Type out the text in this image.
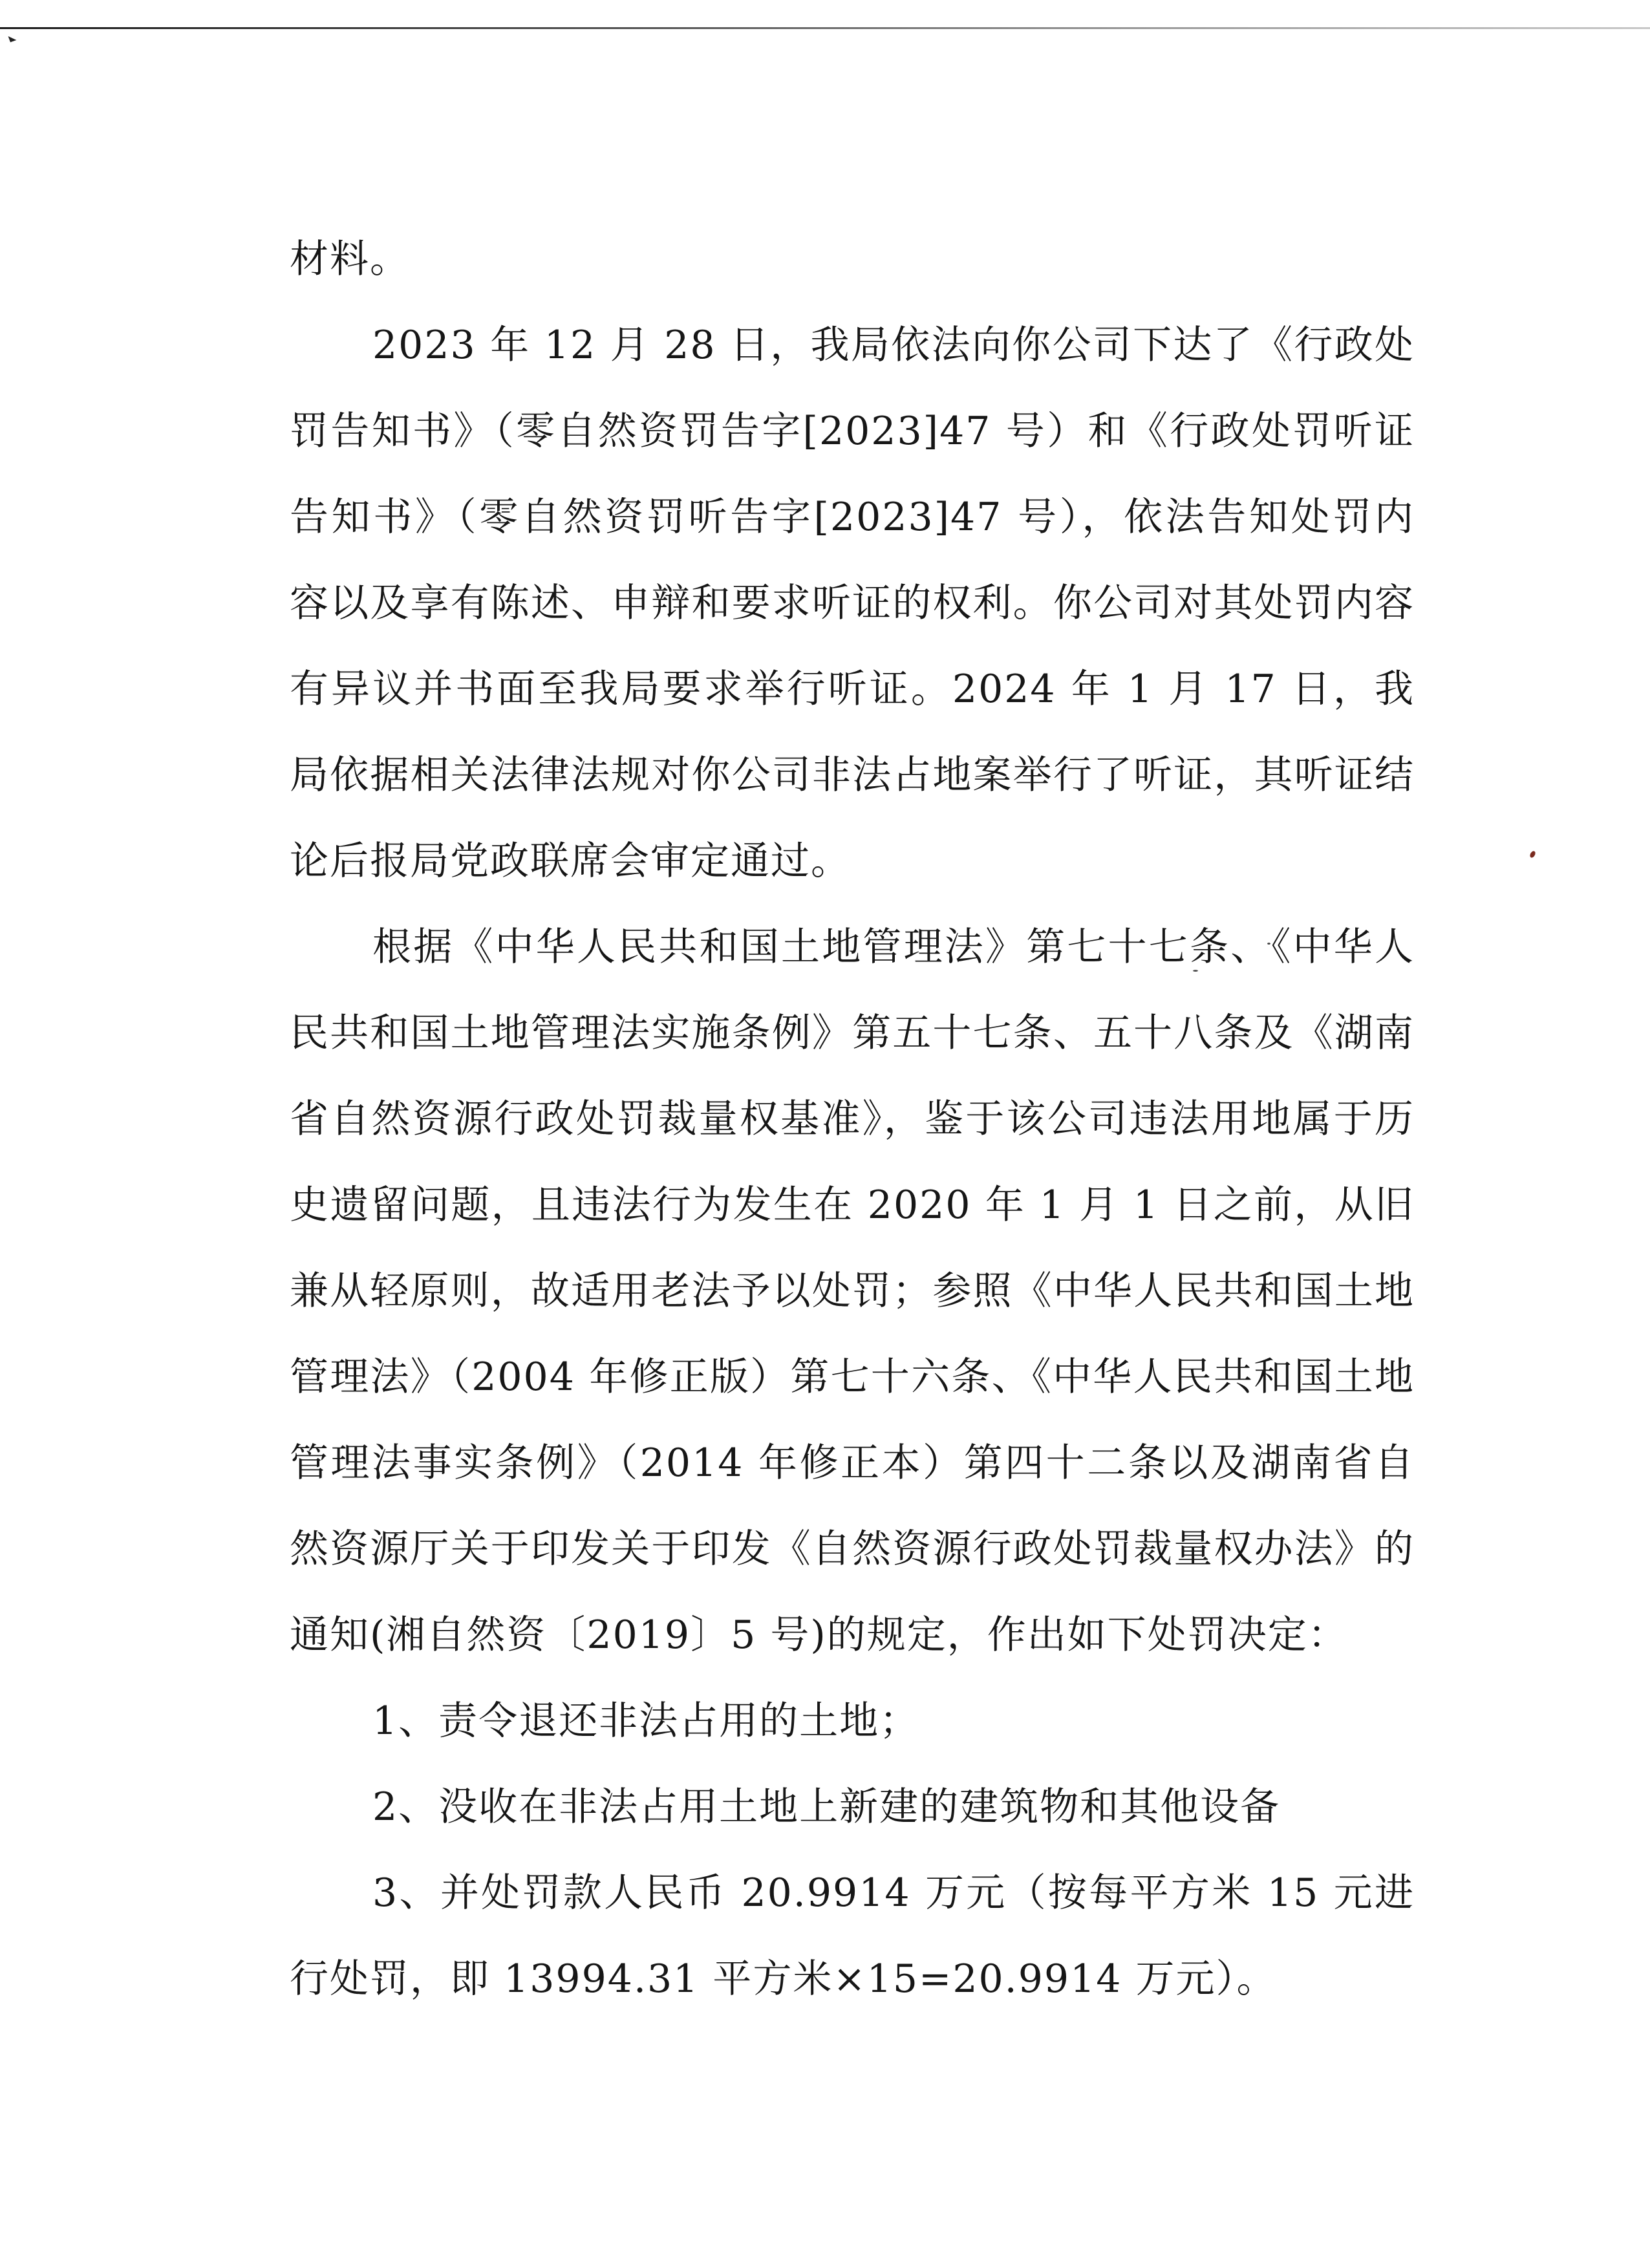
材料。

2023 年 12 月 28 日，我局依法向你公司下达了《行政处罚告知书》（零自然资罚告字[2023]47 号）和《行政处罚听证告知书》（零自然资罚听告字[2023]47 号），依法告知处罚内容以及享有陈述、申辩和要求听证的权利。你公司对其处罚内容有异议并书面至我局要求举行听证。2024 年 1 月 17 日，我局依据相关法律法规对你公司非法占地案举行了听证，其听证结论后报局党政联席会审定通过。

根据《中华人民共和国土地管理法》第七十七条、《中华人民共和国土地管理法实施条例》第五十七条、五十八条及《湖南省自然资源行政处罚裁量权基准》，鉴于该公司违法用地属于历史遗留问题，且违法行为发生在 2020 年 1 月 1 日之前，从旧兼从轻原则，故适用老法予以处罚；参照《中华人民共和国土地管理法》（2004 年修正版）第七十六条、《中华人民共和国土地管理法事实条例》（2014 年修正本）第四十二条以及湖南省自然资源厅关于印发关于印发《自然资源行政处罚裁量权办法》的通知(湘自然资〔2019〕5 号)的规定，作出如下处罚决定：

1、责令退还非法占用的土地；

2、没收在非法占用土地上新建的建筑物和其他设备

3、并处罚款人民币 20.9914 万元（按每平方米 15 元进行处罚，即 13994.31 平方米×15=20.9914 万元）。
